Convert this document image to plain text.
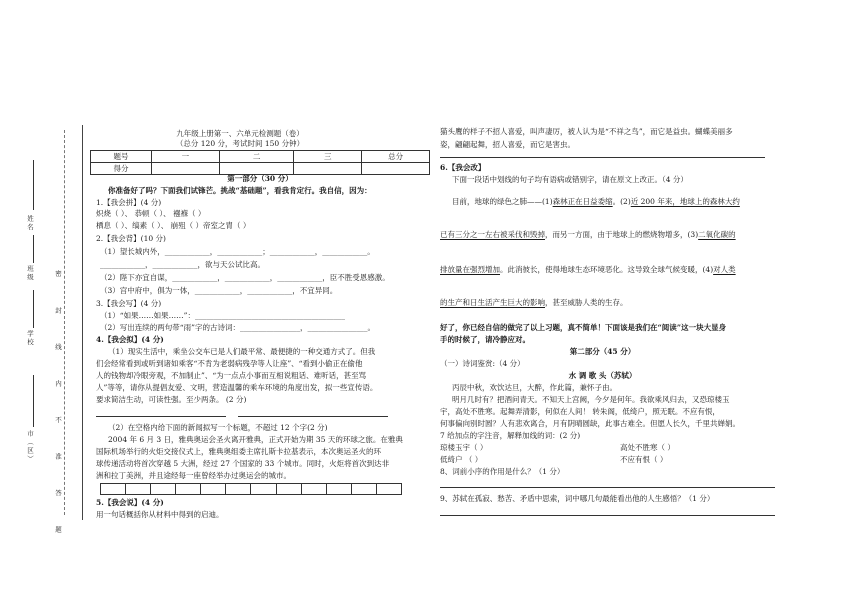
姓名
班级
学校
市（区）	密 封 线 内 不 准 答 题
九年级上册第一、六单元检测题（卷）
（总分 120 分，考试时间 150 分钟）
题号	一	二	三	总分
得分				
第一部分（30 分）
你准备好了吗？下面我们试锋芒。挑战“基础题”，看我肯定行。我自信，因为：
1.【我会拼】(4 分)
炽烧（ ）、 恭顿（ ）、 襁褓（ ）
栖息（ ）、缟素（ ）、 崩殂（ ）帝室之胄（ ）
2.【我会背】(10 分)
（1）望长城内外，____________，____________；____________，____________。
____________，____________，欲与天公试比高。
（2）陛下亦宜自谋，____________，____________，____________，臣不胜受恩感激。
（3）宫中府中，俱为一体，____________，____________，不宜异同。
3.【我会写】(4 分)
（1）“如果……如果……”：________________________________________
（2）写出连续的两句带“雨”字的古诗词：________________，________________。
4.【我会拟】(4 分)
（1）现实生活中，乘坐公交车已是人们最平常、最便捷的一种交通方式了。但我
们会经常看到或听到诸如乘客“不肯为老弱病残孕等人让座”、“看到小偷正在偷他
人的钱物却冷眼旁观，不加制止”、“为一点点小事而互相说粗话、难听话，甚至骂
人”等等，请你从提倡友爱、文明，营造温馨的乘车环境的角度出发，拟一些宣传语。
要求简洁生动，可读性强。至少两条。 (2 分)
（2）在空格内给下面的新闻拟写一个标题，不超过 12 个字(2 分)
2004 年 6 月 3 日，雅典奥运会圣火离开雅典，正式开始为期 35 天的环球之旅。在雅典
国际机场举行的火炬交接仪式上，雅典奥组委主席扎斯卡拉基表示，本次奥运圣火的环
球传递活动将首次穿越 5 大洲，经过 27 个国家的 33 个城市。同时，火炬将首次到达非
洲和拉丁美洲，并且途经每一座曾经举办过奥运会的城市。
5.【我会说】(4 分)
用一句话概括你从材料中得到的启迪。
猫头鹰的样子不招人喜爱，叫声凄厉，被人认为是“不祥之鸟”，而它是益虫。蝴蝶美丽多
姿，翩翩起舞，招人喜爱，而它是害虫。
6.【我会改】
下面一段话中划线的句子均有语病或错别字，请在原文上改正。（4 分）
目前，地球的绿色之肺——(1)森林正在日益委缩。(2)近 200 年来，地球上的森林大约
已有三分之一左右被采伐和毁掉，而另一方面，由于地球上的燃烧物增多，(3)二氧化碳的
排放量在强烈增加。此消彼长，使得地球生态环境恶化。这导致全球气候变暖，(4)对人类
的生产和日生活产生巨大的影响，甚至威胁人类的生存。
好了，你已经自信的做完了以上习题，真不简单！下面该是我们在“阅读”这一块大显身
手的时候了，请冷静应对。
第二部分（45 分）
（一）诗词鉴赏:（4 分）
水 调 歌 头（苏轼）
丙辰中秋，欢饮达旦，大醉，作此篇，兼怀子由。
明月几时有？把酒问青天。不知天上宫阙，今夕是何年。我欲乘风归去，又恐琼楼玉
宇，高处不胜寒。起舞弄清影，何似在人间！ 转朱阁，低绮户，照无眠。不应有恨，
何事偏向别时圆？人有悲欢离合，月有阴晴圆缺，此事古难全。但愿人长久，千里共婵娟。
7 给加点的字注音，解释加线的词：(2 分)
琼楼玉宇（ ）	高处不胜寒（ ）
低绮户 （ ）	不应有恨（ ）
8、词前小序的作用是什么？（1 分）
9、苏轼在孤寂、愁苦、矛盾中思索，词中哪几句最能看出他的人生感悟？（1 分）
